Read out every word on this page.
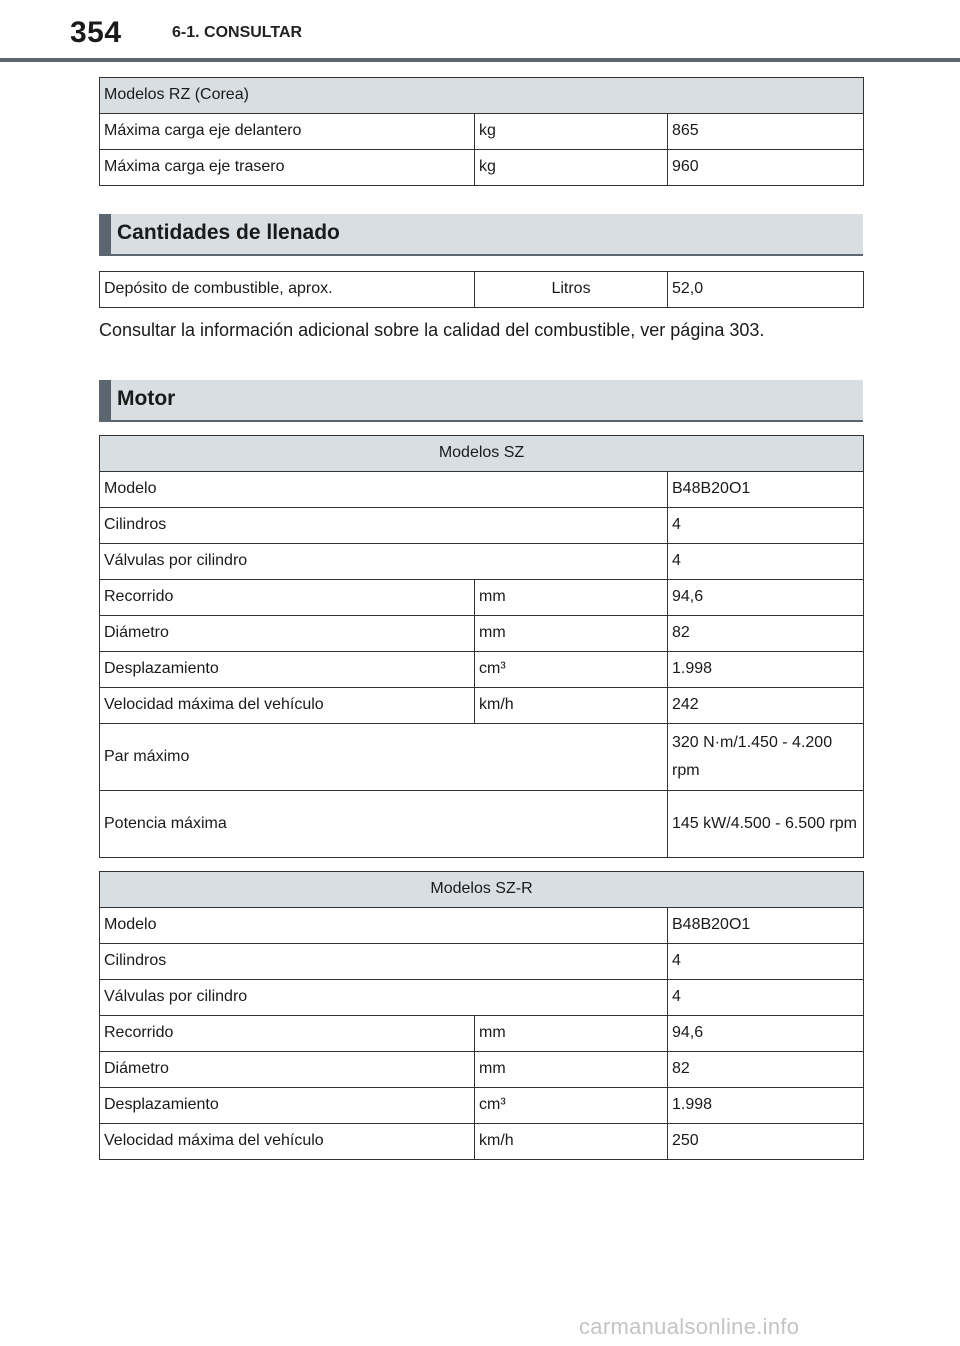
354	6-1. CONSULTAR
Modelos RZ (Corea)		
Máxima carga eje delantero	kg	865
Máxima carga eje trasero	kg	960
Cantidades de llenado
Depósito de combustible, aprox.	Litros	52,0
Consultar la información adicional sobre la calidad del combustible, ver página 303.
Motor
Modelos SZ		
Modelo		B48B20O1
Cilindros		4
Válvulas por cilindro		4
Recorrido	mm	94,6
Diámetro	mm	82
Desplazamiento	cm³	1.998
Velocidad máxima del vehículo	km/h	242
Par máximo		320 N·m/1.450 - 4.200 rpm
Potencia máxima		145 kW/4.500 - 6.500 rpm
Modelos SZ-R		
Modelo		B48B20O1
Cilindros		4
Válvulas por cilindro		4
Recorrido	mm	94,6
Diámetro	mm	82
Desplazamiento	cm³	1.998
Velocidad máxima del vehículo	km/h	250
carmanualsonline.info
